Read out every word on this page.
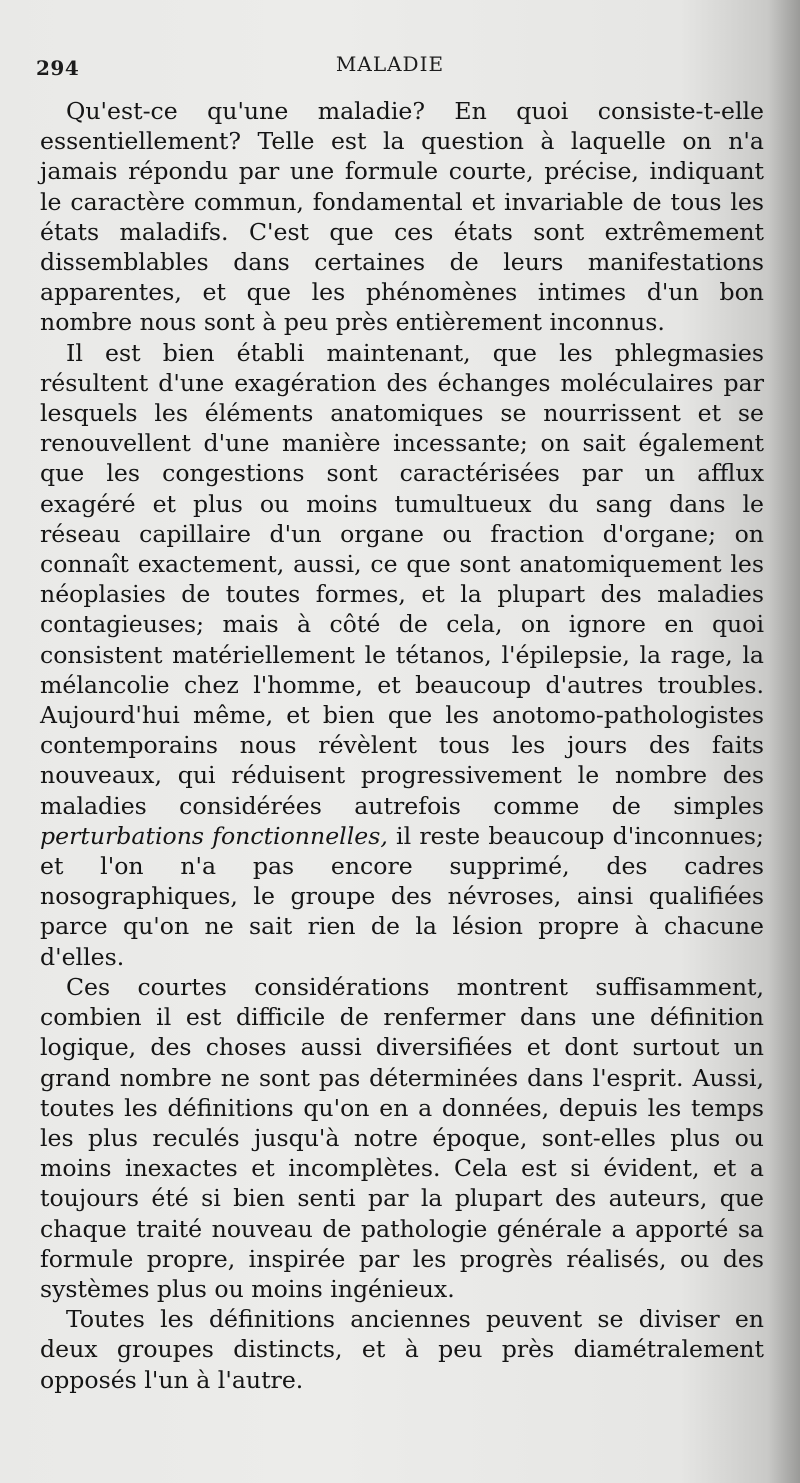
294	MALADIE

Qu'est-ce qu'une maladie? En quoi consiste-t-elle essentiellement? Telle est la question à laquelle on n'a jamais répondu par une formule courte, précise, indiquant le caractère commun, fondamental et invariable de tous les états maladifs. C'est que ces états sont extrêmement dissemblables dans certaines de leurs manifestations apparentes, et que les phénomènes intimes d'un bon nombre nous sont à peu près entièrement inconnus.

Il est bien établi maintenant, que les phlegmasies résultent d'une exagération des échanges moléculaires par lesquels les éléments anatomiques se nourrissent et se renouvellent d'une manière incessante; on sait également que les congestions sont caractérisées par un afflux exagéré et plus ou moins tumultueux du sang dans le réseau capillaire d'un organe ou fraction d'organe; on connaît exactement, aussi, ce que sont anatomiquement les néoplasies de toutes formes, et la plupart des maladies contagieuses; mais à côté de cela, on ignore en quoi consistent matériellement le tétanos, l'épilepsie, la rage, la mélancolie chez l'homme, et beaucoup d'autres troubles. Aujourd'hui même, et bien que les anotomo-pathologistes contemporains nous révèlent tous les jours des faits nouveaux, qui réduisent progressivement le nombre des maladies considérées autrefois comme de simples perturbations fonctionnelles, il reste beaucoup d'inconnues; et l'on n'a pas encore supprimé, des cadres nosographiques, le groupe des névroses, ainsi qualifiées parce qu'on ne sait rien de la lésion propre à chacune d'elles.

Ces courtes considérations montrent suffisamment, combien il est difficile de renfermer dans une définition logique, des choses aussi diversifiées et dont surtout un grand nombre ne sont pas déterminées dans l'esprit. Aussi, toutes les définitions qu'on en a données, depuis les temps les plus reculés jusqu'à notre époque, sont-elles plus ou moins inexactes et incomplètes. Cela est si évident, et a toujours été si bien senti par la plupart des auteurs, que chaque traité nouveau de pathologie générale a apporté sa formule propre, inspirée par les progrès réalisés, ou des systèmes plus ou moins ingénieux.

Toutes les définitions anciennes peuvent se diviser en deux groupes distincts, et à peu près diamétralement opposés l'un à l'autre.
